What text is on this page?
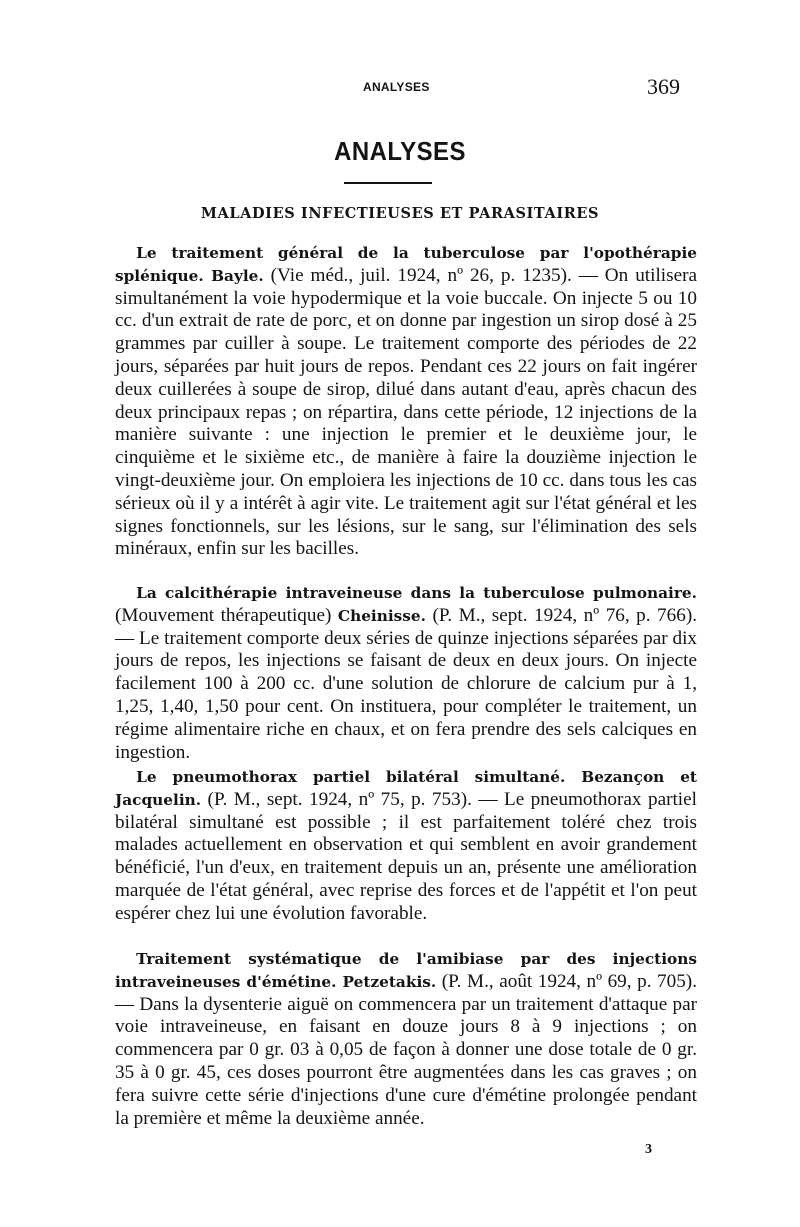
ANALYSES	369
ANALYSES
MALADIES INFECTIEUSES ET PARASITAIRES

Le traitement général de la tuberculose par l'opothérapie splénique. Bayle. (Vie méd., juil. 1924, nº 26, p. 1235). — On utilisera simultanément la voie hypodermique et la voie buccale. On injecte 5 ou 10 cc. d'un extrait de rate de porc, et on donne par ingestion un sirop dosé à 25 grammes par cuiller à soupe. Le traitement comporte des périodes de 22 jours, séparées par huit jours de repos. Pendant ces 22 jours on fait ingérer deux cuillerées à soupe de sirop, dilué dans autant d'eau, après chacun des deux principaux repas ; on répartira, dans cette période, 12 injections de la manière suivante : une injection le premier et le deuxième jour, le cinquième et le sixième etc., de manière à faire la douzième injection le vingt-deuxième jour. On emploiera les injections de 10 cc. dans tous les cas sérieux où il y a intérêt à agir vite. Le traitement agit sur l'état général et les signes fonctionnels, sur les lésions, sur le sang, sur l'élimination des sels minéraux, enfin sur les bacilles.

La calcithérapie intraveineuse dans la tuberculose pulmonaire. (Mouvement thérapeutique) Cheinisse. (P. M., sept. 1924, nº 76, p. 766). — Le traitement comporte deux séries de quinze injections séparées par dix jours de repos, les injections se faisant de deux en deux jours. On injecte facilement 100 à 200 cc. d'une solution de chlorure de calcium pur à 1, 1,25, 1,40, 1,50 pour cent. On instituera, pour compléter le traitement, un régime alimentaire riche en chaux, et on fera prendre des sels calciques en ingestion.

Le pneumothorax partiel bilatéral simultané. Bezançon et Jacquelin. (P. M., sept. 1924, nº 75, p. 753). — Le pneumothorax partiel bilatéral simultané est possible ; il est parfaitement toléré chez trois malades actuellement en observation et qui semblent en avoir grandement bénéficié, l'un d'eux, en traitement depuis un an, présente une amélioration marquée de l'état général, avec reprise des forces et de l'appétit et l'on peut espérer chez lui une évolution favorable.

Traitement systématique de l'amibiase par des injections intraveineuses d'émétine. Petzetakis. (P. M., août 1924, nº 69, p. 705). — Dans la dysenterie aiguë on commencera par un traitement d'attaque par voie intraveineuse, en faisant en douze jours 8 à 9 injections ; on commencera par 0 gr. 03 à 0,05 de façon à donner une dose totale de 0 gr. 35 à 0 gr. 45, ces doses pourront être augmentées dans les cas graves ; on fera suivre cette série d'injections d'une cure d'émétine prolongée pendant la première et même la deuxième année.

3
